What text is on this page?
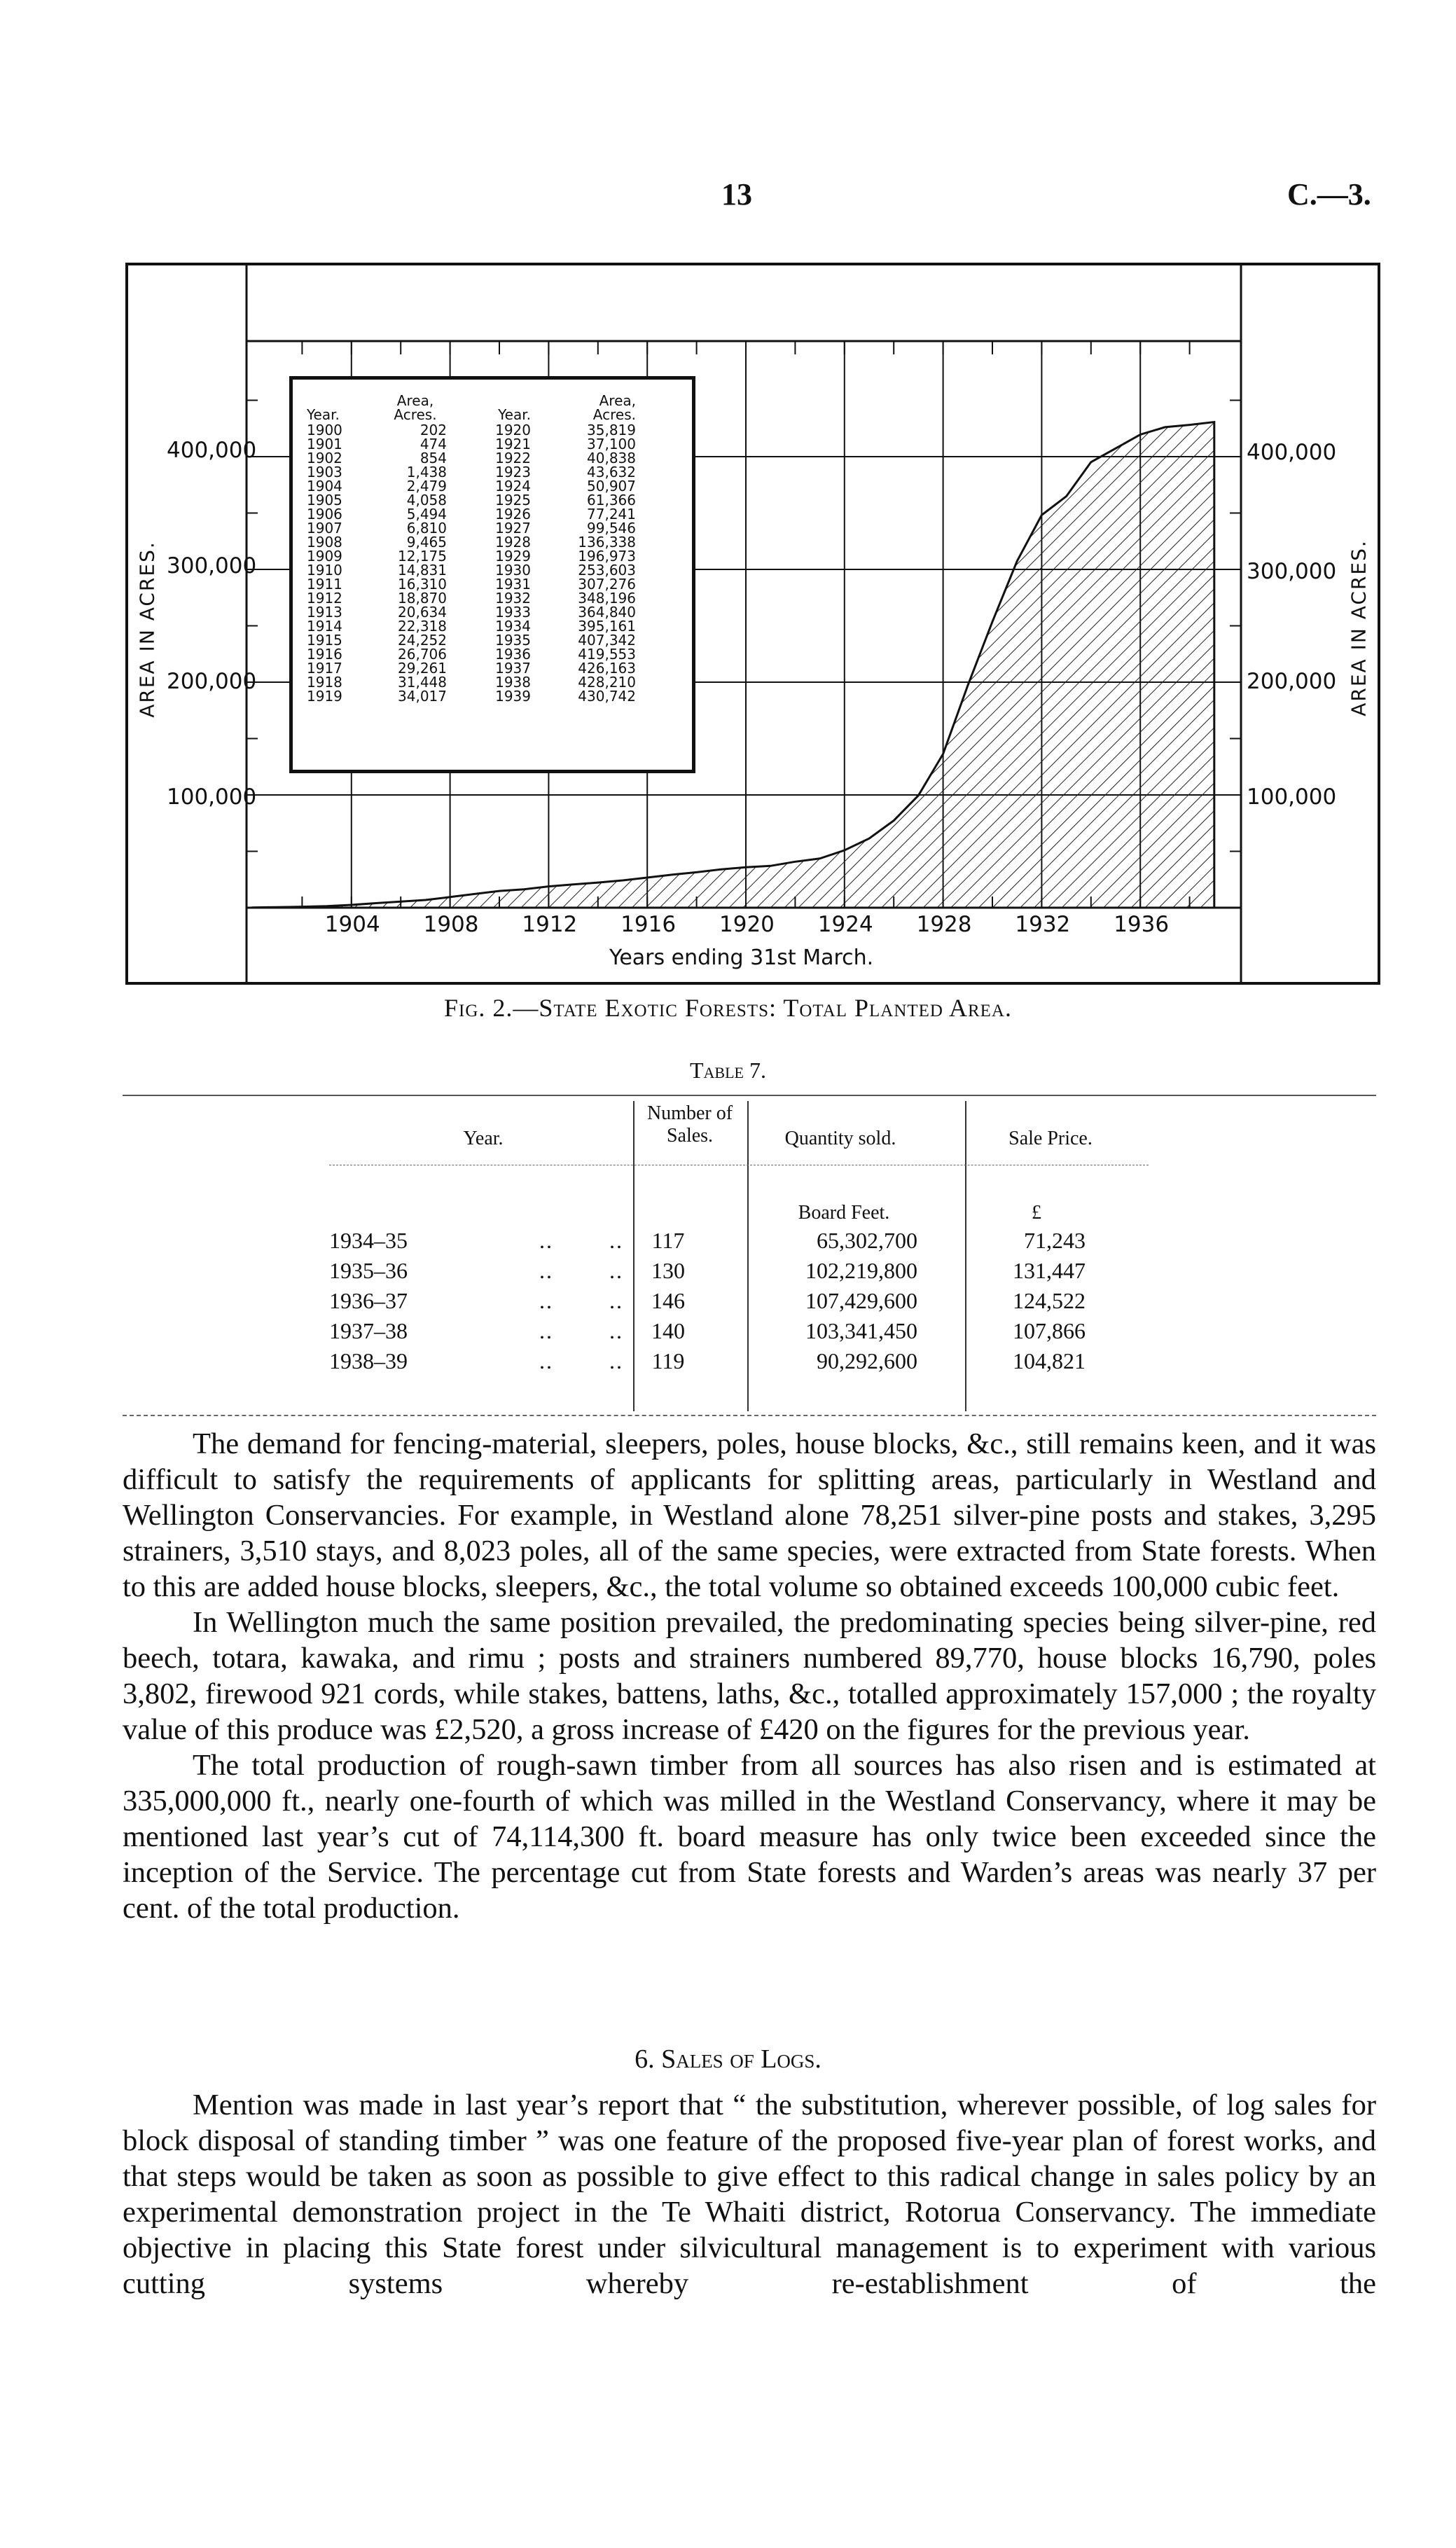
13	C.—3.
400,000
300,000
200,000
100,000
AREA IN ACRES.
400,000
300,000
200,000
100,000
AREA IN ACRES.
1904 1908 1912 1916 1920 1924 1928 1932 1936
Years ending 31st March.
Area,	Area,
Year.	Acres.	Year.	Acres.
1900	202	1920	35,819
1901	474	1921	37,100
1902	854	1922	40,838
1903	1,438	1923	43,632
1904	2,479	1924	50,907
1905	4,058	1925	61,366
1906	5,494	1926	77,241
1907	6,810	1927	99,546
1908	9,465	1928	136,338
1909	12,175	1929	196,973
1910	14,831	1930	253,603
1911	16,310	1931	307,276
1912	18,870	1932	348,196
1913	20,634	1933	364,840
1914	22,318	1934	395,161
1915	24,252	1935	407,342
1916	26,706	1936	419,553
1917	29,261	1937	426,163
1918	31,448	1938	428,210
1919	34,017	1939	430,742
Fig. 2.—State Exotic Forests: Total Planted Area.
Table 7.
Year.
Number of
Sales.	Quantity sold.	Sale Price.
Board Feet.	£
1934–35	..        ..	117	65,302,700	71,243
1935–36	..        ..	130	102,219,800	131,447
1936–37	..        ..	146	107,429,600	124,522
1937–38	..        ..	140	103,341,450	107,866
1938–39	..        ..	119	90,292,600	104,821

The demand for fencing-material, sleepers, poles, house blocks, &c., still remains keen, and it was difficult to satisfy the requirements of applicants for splitting areas, particularly in Westland and Wellington Conservancies. For example, in Westland alone 78,251 silver-pine posts and stakes, 3,295 strainers, 3,510 stays, and 8,023 poles, all of the same species, were extracted from State forests. When to this are added house blocks, sleepers, &c., the total volume so obtained exceeds 100,000 cubic feet.

In Wellington much the same position prevailed, the predominating species being silver-pine, red beech, totara, kawaka, and rimu ; posts and strainers numbered 89,770, house blocks 16,790, poles 3,802, firewood 921 cords, while stakes, battens, laths, &c., totalled approximately 157,000 ; the royalty value of this produce was £2,520, a gross increase of £420 on the figures for the previous year.

The total production of rough-sawn timber from all sources has also risen and is estimated at 335,000,000 ft., nearly one-fourth of which was milled in the Westland Conservancy, where it may be mentioned last year’s cut of 74,114,300 ft. board measure has only twice been exceeded since the inception of the Service. The percentage cut from State forests and Warden’s areas was nearly 37 per cent. of the total production.

6. Sales of Logs.

Mention was made in last year’s report that “ the substitution, wherever possible, of log sales for block disposal of standing timber ” was one feature of the proposed five-year plan of forest works, and that steps would be taken as soon as possible to give effect to this radical change in sales policy by an experimental demonstration project in the Te Whaiti district, Rotorua Conservancy. The immediate objective in placing this State forest under silvicultural management is to experiment with various cutting systems whereby re-establishment of the
